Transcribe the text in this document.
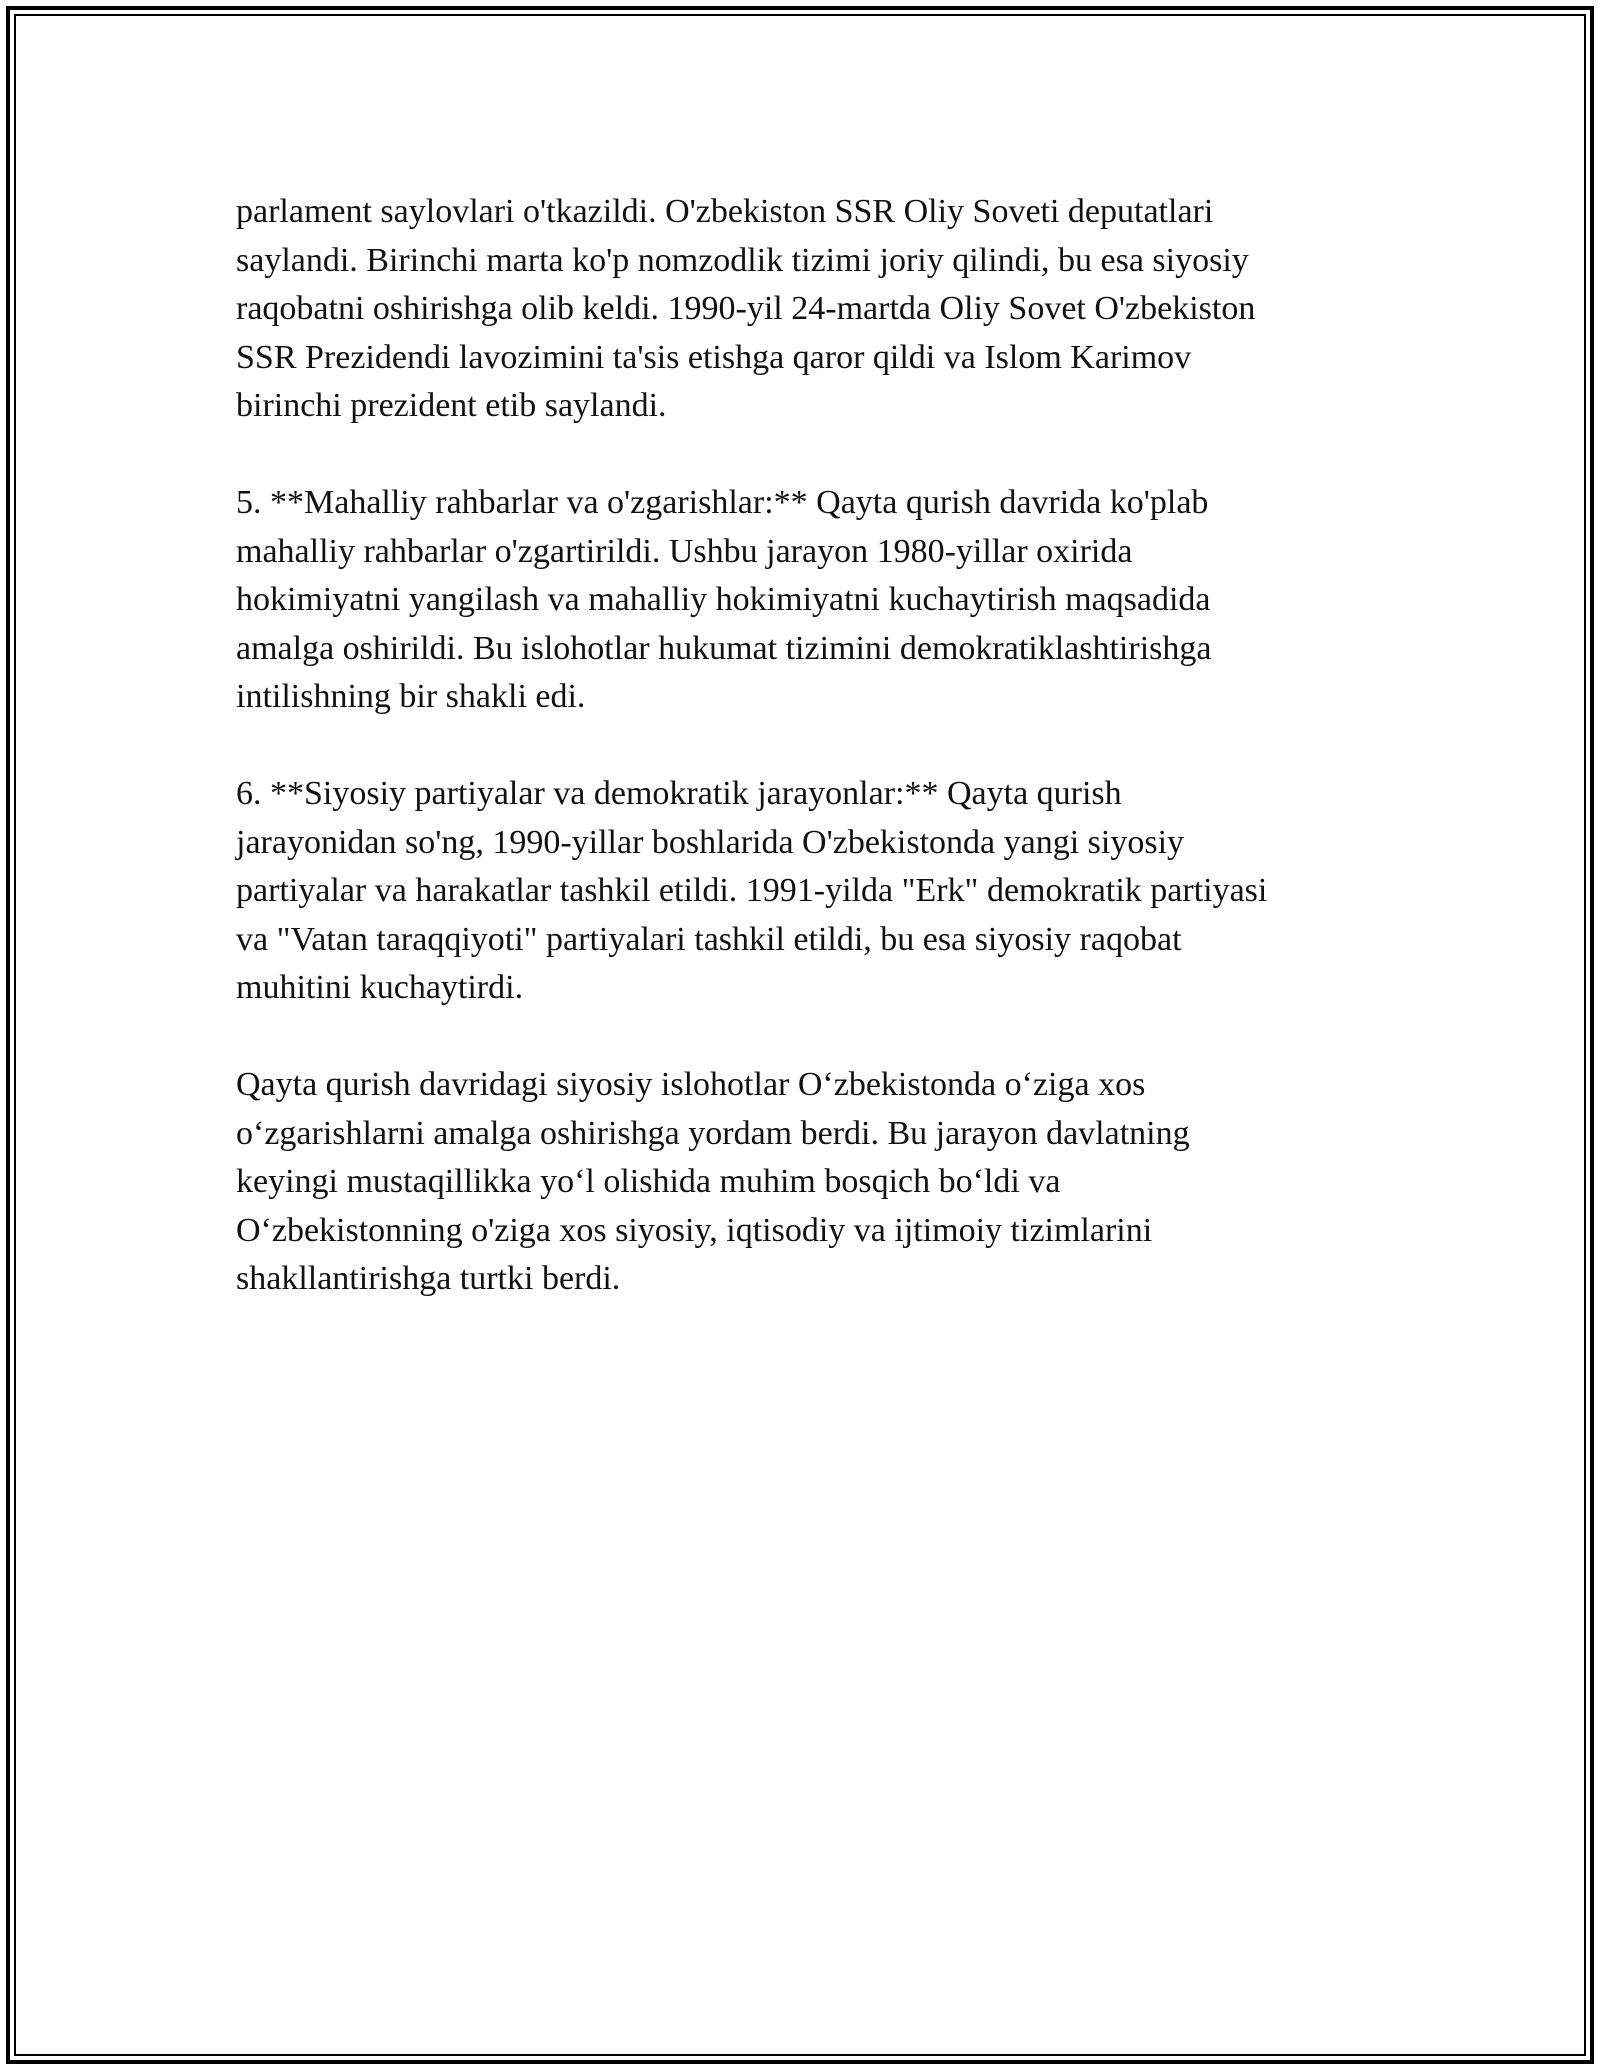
parlament saylovlari o'tkazildi. O'zbekiston SSR Oliy Soveti deputatlari
saylandi. Birinchi marta ko'p nomzodlik tizimi joriy qilindi, bu esa siyosiy
raqobatni oshirishga olib keldi. 1990-yil 24-martda Oliy Sovet O'zbekiston
SSR Prezidendi lavozimini ta'sis etishga qaror qildi va Islom Karimov
birinchi prezident etib saylandi.

5. **Mahalliy rahbarlar va o'zgarishlar:** Qayta qurish davrida ko'plab
mahalliy rahbarlar o'zgartirildi. Ushbu jarayon 1980-yillar oxirida
hokimiyatni yangilash va mahalliy hokimiyatni kuchaytirish maqsadida
amalga oshirildi. Bu islohotlar hukumat tizimini demokratiklashtirishga
intilishning bir shakli edi.

6. **Siyosiy partiyalar va demokratik jarayonlar:** Qayta qurish
jarayonidan so'ng, 1990-yillar boshlarida O'zbekistonda yangi siyosiy
partiyalar va harakatlar tashkil etildi. 1991-yilda "Erk" demokratik partiyasi
va "Vatan taraqqiyoti" partiyalari tashkil etildi, bu esa siyosiy raqobat
muhitini kuchaytirdi.

Qayta qurish davridagi siyosiy islohotlar O‘zbekistonda o‘ziga xos
o‘zgarishlarni amalga oshirishga yordam berdi. Bu jarayon davlatning
keyingi mustaqillikka yo‘l olishida muhim bosqich bo‘ldi va
O‘zbekistonning o'ziga xos siyosiy, iqtisodiy va ijtimoiy tizimlarini
shakllantirishga turtki berdi.
